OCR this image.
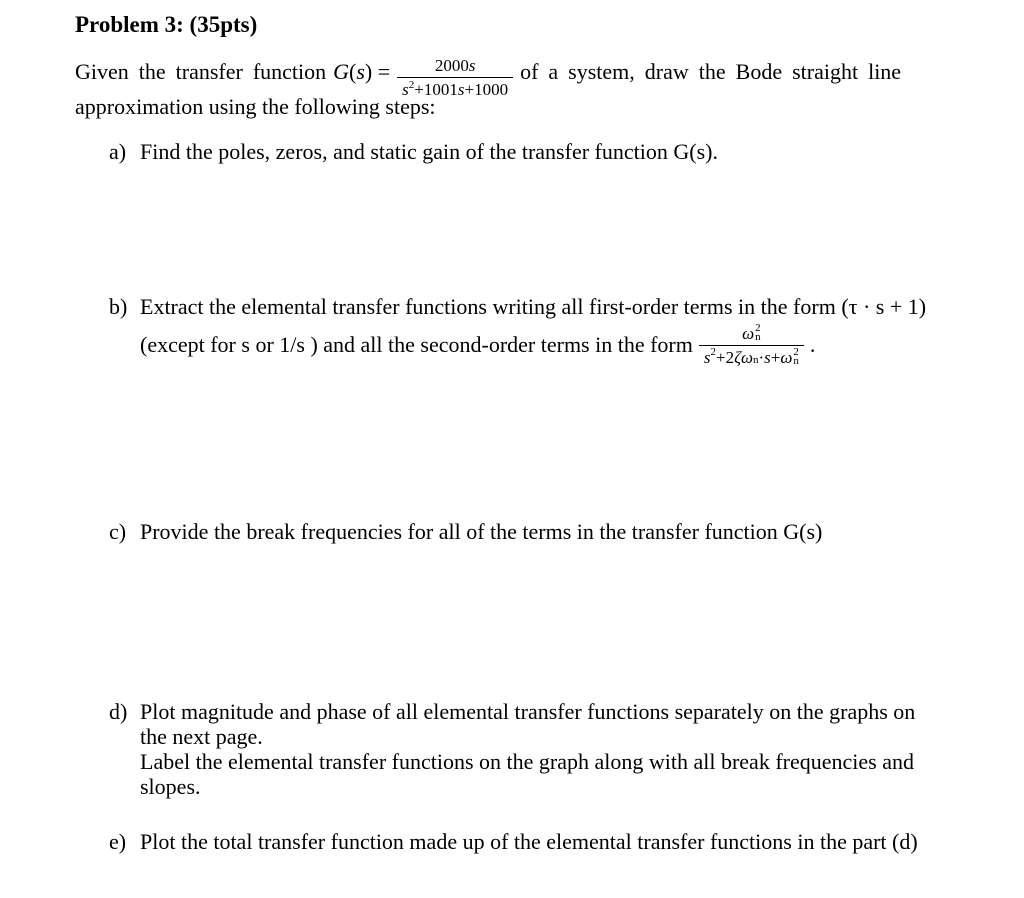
Problem 3: (35pts)
Given the transfer function $G(s) = \frac{2000 s}{s 2 +1001 s +1000}$ of a system, draw the Bode straight line
approximation using the following steps:
a) Find the poles, zeros, and static gain of the transfer function G(s).
b) Extract the elemental transfer functions writing all first-order terms in the form (τ · s + 1)
(except for s or 1/s ) and all the second-order terms in the form ω 2
n
s 2 +2 ζ ω n · s + ω 2
n .
c) Provide the break frequencies for all of the terms in the transfer function G(s)
d) Plot magnitude and phase of all elemental transfer functions separately on the graphs on
the next page.
Label the elemental transfer functions on the graph along with all break frequencies and
slopes.
e) Plot the total transfer function made up of the elemental transfer functions in the part (d)
